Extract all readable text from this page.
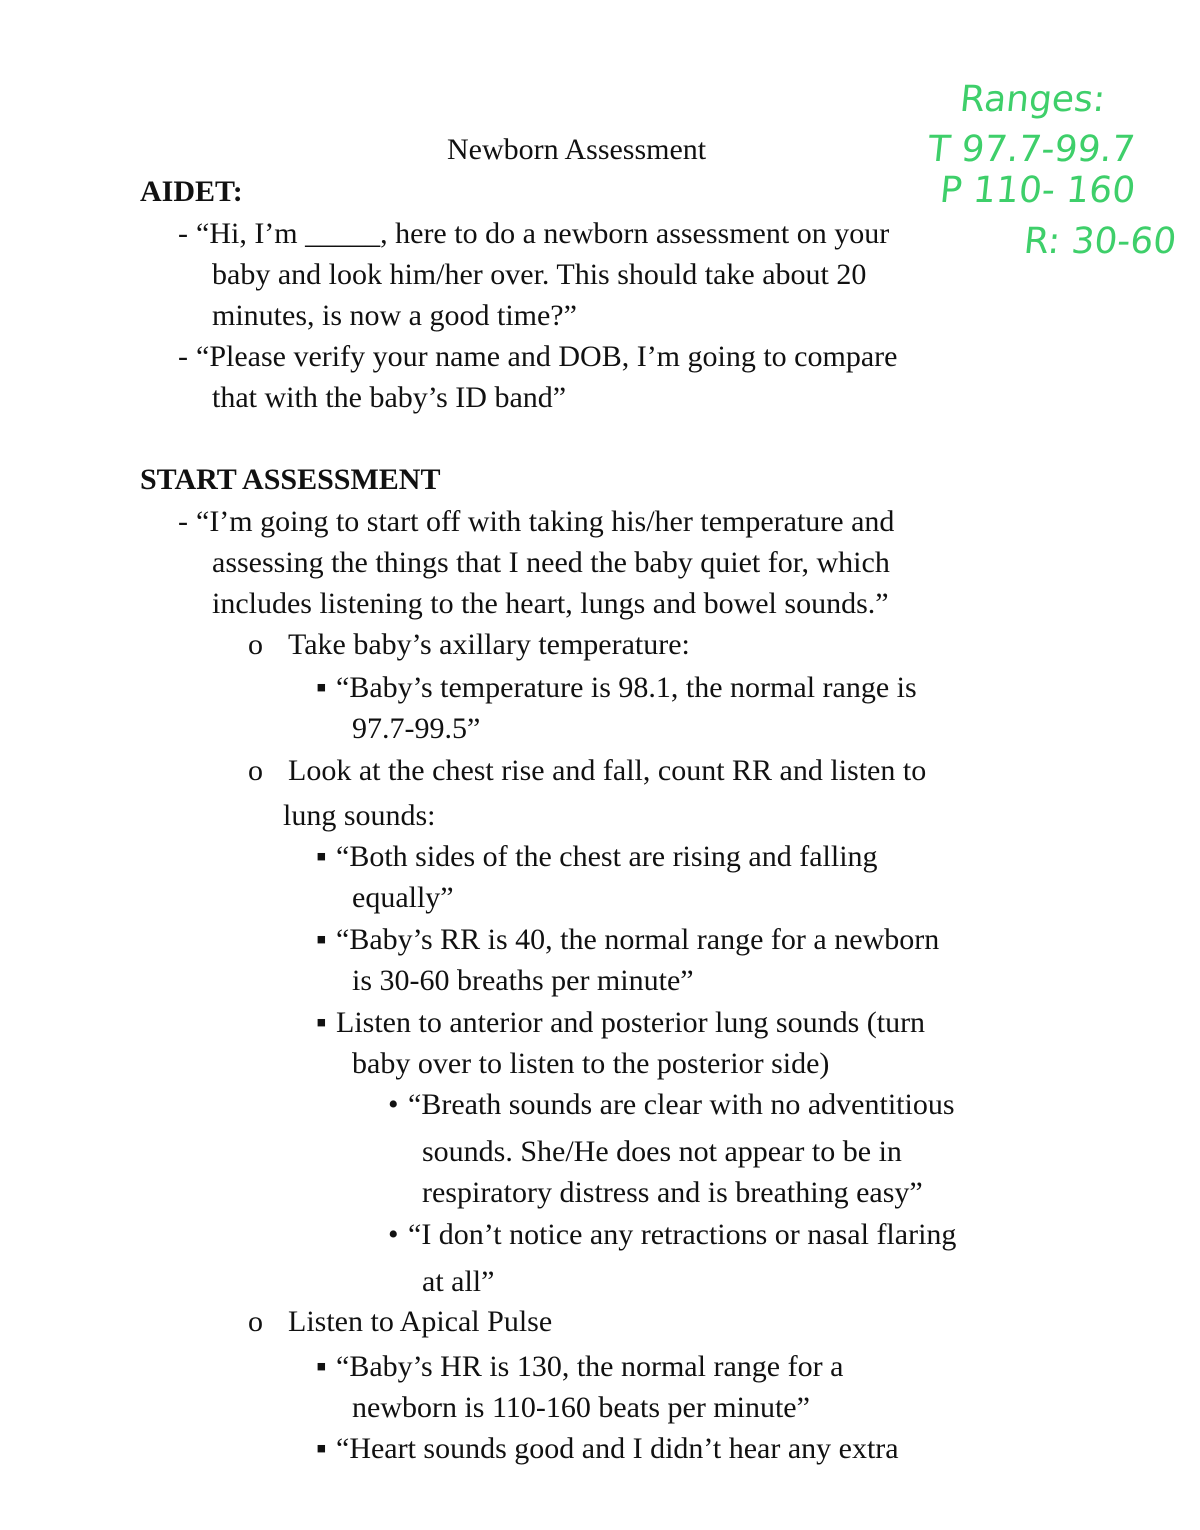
Newborn Assessment
AIDET:
- “Hi, I’m _____, here to do a newborn assessment on your
baby and look him/her over. This should take about 20
minutes, is now a good time?”
- “Please verify your name and DOB, I’m going to compare
that with the baby’s ID band”
START ASSESSMENT
- “I’m going to start off with taking his/her temperature and
assessing the things that I need the baby quiet for, which
includes listening to the heart, lungs and bowel sounds.”
o Take baby’s axillary temperature:
▪ “Baby’s temperature is 98.1, the normal range is
97.7-99.5”
o Look at the chest rise and fall, count RR and listen to
lung sounds:
▪ “Both sides of the chest are rising and falling
equally”
▪ “Baby’s RR is 40, the normal range for a newborn
is 30-60 breaths per minute”
▪ Listen to anterior and posterior lung sounds (turn
baby over to listen to the posterior side)
• “Breath sounds are clear with no adventitious
sounds. She/He does not appear to be in
respiratory distress and is breathing easy”
• “I don’t notice any retractions or nasal flaring
at all”
o Listen to Apical Pulse
▪ “Baby’s HR is 130, the normal range for a
newborn is 110-160 beats per minute”
▪ “Heart sounds good and I didn’t hear any extra
Ranges:
T 97.7-99.7
P 110- 160
R: 30-60
